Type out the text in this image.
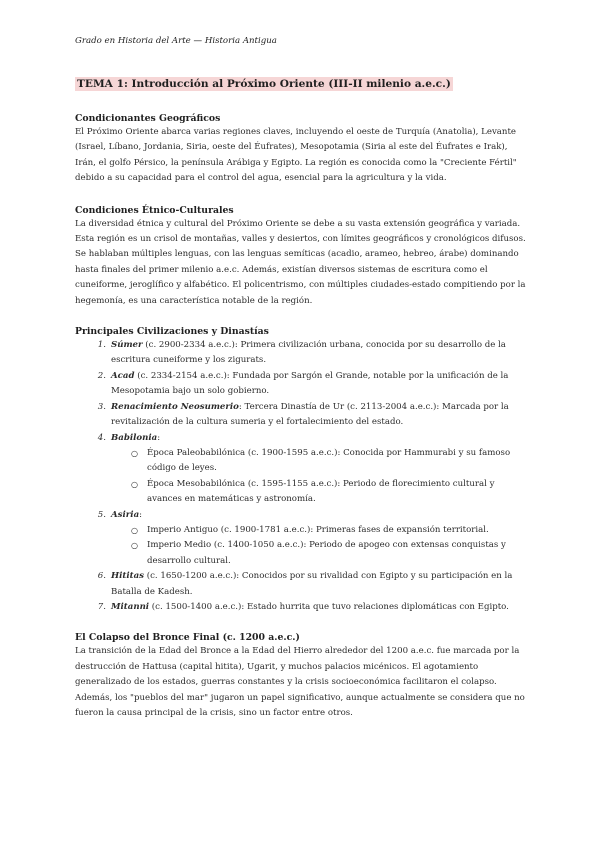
Grado en Historia del Arte — Historia Antigua
TEMA 1: Introducción al Próximo Oriente (III-II milenio a.e.c.)
Condicionantes Geográficos

El Próximo Oriente abarca varias regiones claves, incluyendo el oeste de Turquía (Anatolia), Levante (Israel, Líbano, Jordania, Siria, oeste del Éufrates), Mesopotamia (Siria al este del Éufrates e Irak), Irán, el golfo Pérsico, la península Arábiga y Egipto. La región es conocida como la "Creciente Fértil" debido a su capacidad para el control del agua, esencial para la agricultura y la vida.

Condiciones Étnico-Culturales

La diversidad étnica y cultural del Próximo Oriente se debe a su vasta extensión geográfica y variada. Esta región es un crisol de montañas, valles y desiertos, con límites geográficos y cronológicos difusos. Se hablaban múltiples lenguas, con las lenguas semíticas (acadio, arameo, hebreo, árabe) dominando hasta finales del primer milenio a.e.c. Además, existían diversos sistemas de escritura como el cuneiforme, jeroglífico y alfabético. El policentrismo, con múltiples ciudades-estado compitiendo por la hegemonía, es una característica notable de la región.

Principales Civilizaciones y Dinastías
1. Súmer (c. 2900-2334 a.e.c.): Primera civilización urbana, conocida por su desarrollo de la escritura cuneiforme y los zigurats.
2. Acad (c. 2334-2154 a.e.c.): Fundada por Sargón el Grande, notable por la unificación de la Mesopotamia bajo un solo gobierno.
3. Renacimiento Neosumerio: Tercera Dinastía de Ur (c. 2113-2004 a.e.c.): Marcada por la revitalización de la cultura sumeria y el fortalecimiento del estado.
4. Babilonia:
○ Época Paleobabilónica (c. 1900-1595 a.e.c.): Conocida por Hammurabi y su famoso código de leyes.
○ Época Mesobabilónica (c. 1595-1155 a.e.c.): Periodo de florecimiento cultural y avances en matemáticas y astronomía.
5. Asiria:
○ Imperio Antiguo (c. 1900-1781 a.e.c.): Primeras fases de expansión territorial.
○ Imperio Medio (c. 1400-1050 a.e.c.): Periodo de apogeo con extensas conquistas y desarrollo cultural.
6. Hititas (c. 1650-1200 a.e.c.): Conocidos por su rivalidad con Egipto y su participación en la Batalla de Kadesh.
7. Mitanni (c. 1500-1400 a.e.c.): Estado hurrita que tuvo relaciones diplomáticas con Egipto.
El Colapso del Bronce Final (c. 1200 a.e.c.)

La transición de la Edad del Bronce a la Edad del Hierro alrededor del 1200 a.e.c. fue marcada por la destrucción de Hattusa (capital hitita), Ugarit, y muchos palacios micénicos. El agotamiento generalizado de los estados, guerras constantes y la crisis socioeconómica facilitaron el colapso. Además, los "pueblos del mar" jugaron un papel significativo, aunque actualmente se considera que no fueron la causa principal de la crisis, sino un factor entre otros.
